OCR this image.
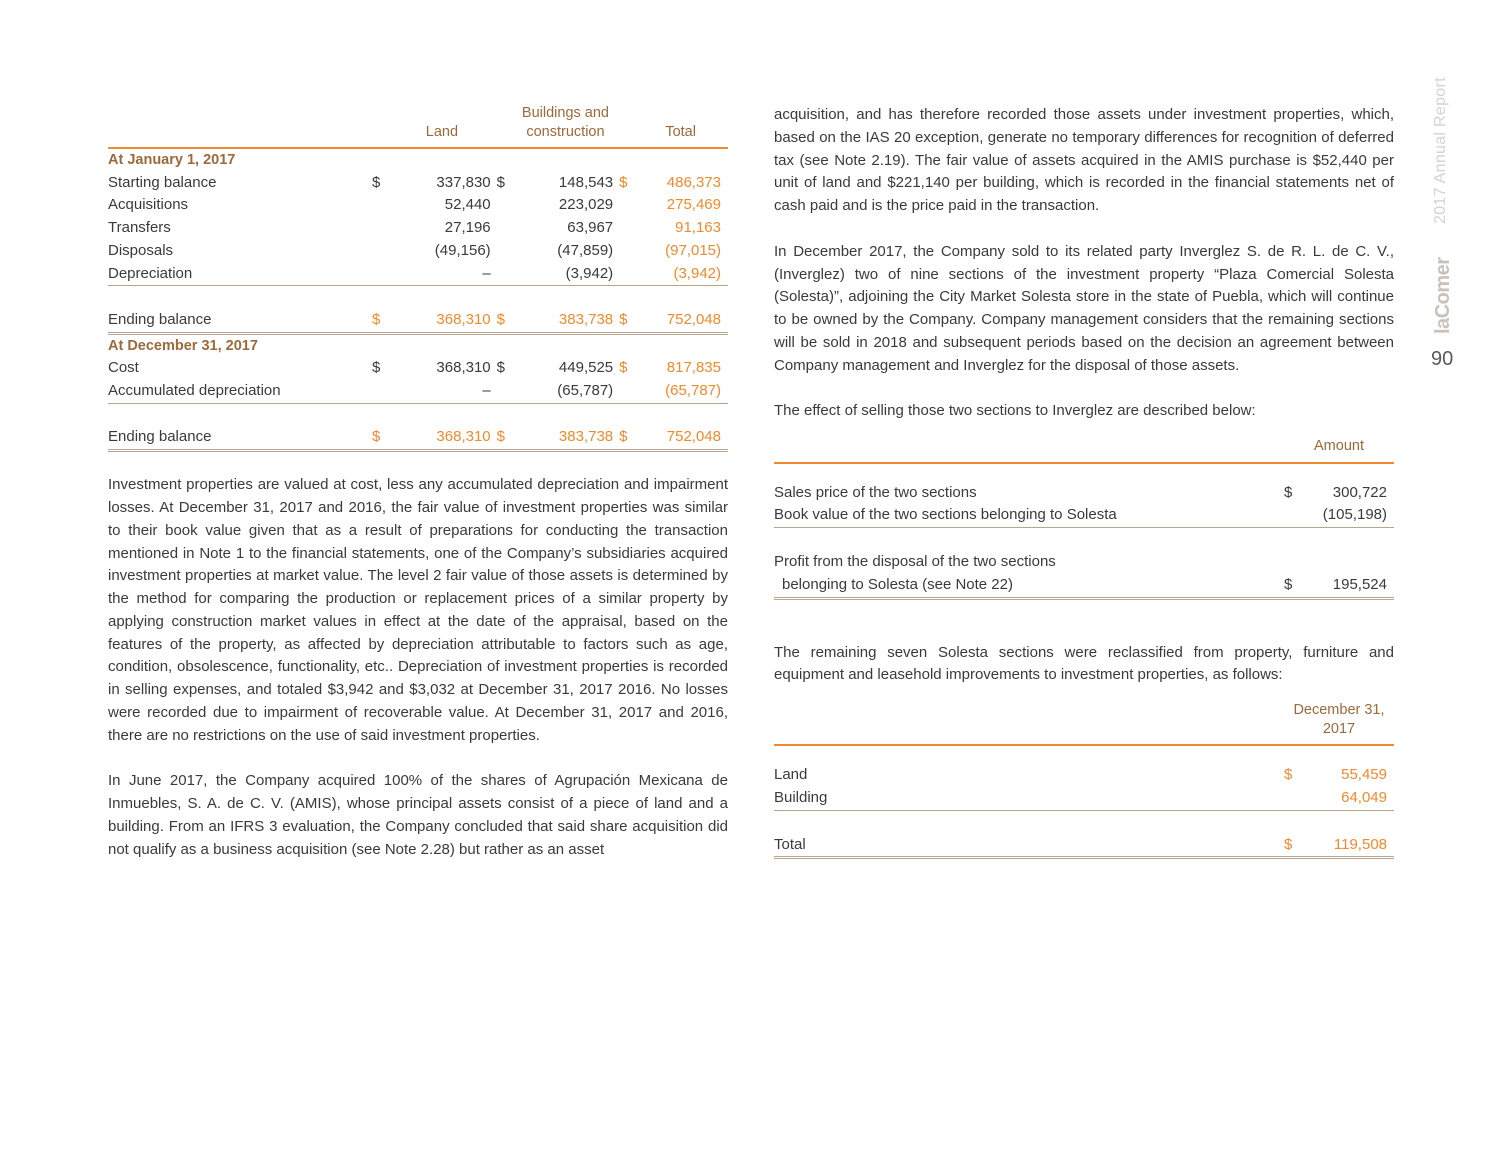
2017 Annual Report
laComer
90
		Land		Buildings and construction		Total
At January 1, 2017
Starting balance	$	337,830	$	148,543	$	486,373
Acquisitions		52,440		223,029		275,469
Transfers		27,196		63,967		91,163
Disposals		(49,156)		(47,859)		(97,015)
Depreciation		–		(3,942)		(3,942)

Ending balance	$	368,310	$	383,738	$	752,048
At December 31, 2017
Cost	$	368,310	$	449,525	$	817,835
Accumulated depreciation		–		(65,787)		(65,787)

Ending balance	$	368,310	$	383,738	$	752,048

Investment properties are valued at cost, less any accumulated depreciation and impairment losses. At December 31, 2017 and 2016, the fair value of investment properties was similar to their book value given that as a result of preparations for conducting the transaction mentioned in Note 1 to the financial statements, one of the Company’s subsidiaries acquired investment properties at market value. The level 2 fair value of those assets is determined by the method for comparing the production or replacement prices of a similar property by applying construction market values in effect at the date of the appraisal, based on the features of the property, as affected by depreciation attributable to factors such as age, condition, obsolescence, functionality, etc.. Depreciation of investment properties is recorded in selling expenses, and totaled $3,942 and $3,032 at December 31, 2017 2016. No losses were recorded due to impairment of recoverable value. At December 31, 2017 and 2016, there are no restrictions on the use of said investment properties.

In June 2017, the Company acquired 100% of the shares of Agrupación Mexicana de Inmuebles, S. A. de C. V. (AMIS), whose principal assets consist of a piece of land and a building. From an IFRS 3 evaluation, the Company concluded that said share acquisition did not qualify as a business acquisition (see Note 2.28) but rather as an asset

acquisition, and has therefore recorded those assets under investment properties, which, based on the IAS 20 exception, generate no temporary differences for recognition of deferred tax (see Note 2.19). The fair value of assets acquired in the AMIS purchase is $52,440 per unit of land and $221,140 per building, which is recorded in the financial statements net of cash paid and is the price paid in the transaction.

In December 2017, the Company sold to its related party Inverglez S. de R. L. de C. V., (Inverglez) two of nine sections of the investment property “Plaza Comercial Solesta (Solesta)”, adjoining the City Market Solesta store in the state of Puebla, which will continue to be owned by the Company. Company management considers that the remaining sections will be sold in 2018 and subsequent periods based on the decision an agreement between Company management and Inverglez for the disposal of those assets.

The effect of selling those two sections to Inverglez are described below:

	Amount	

Sales price of the two sections	$	300,722
Book value of the two sections belonging to Solesta		(105,198)

Profit from the disposal of the two sections		
belonging to Solesta (see Note 22)	$	195,524

The remaining seven Solesta sections were reclassified from property, furniture and equipment and leasehold improvements to investment properties, as follows:

	December 31,
2017	

Land	$	55,459
Building		64,049

Total	$	119,508
